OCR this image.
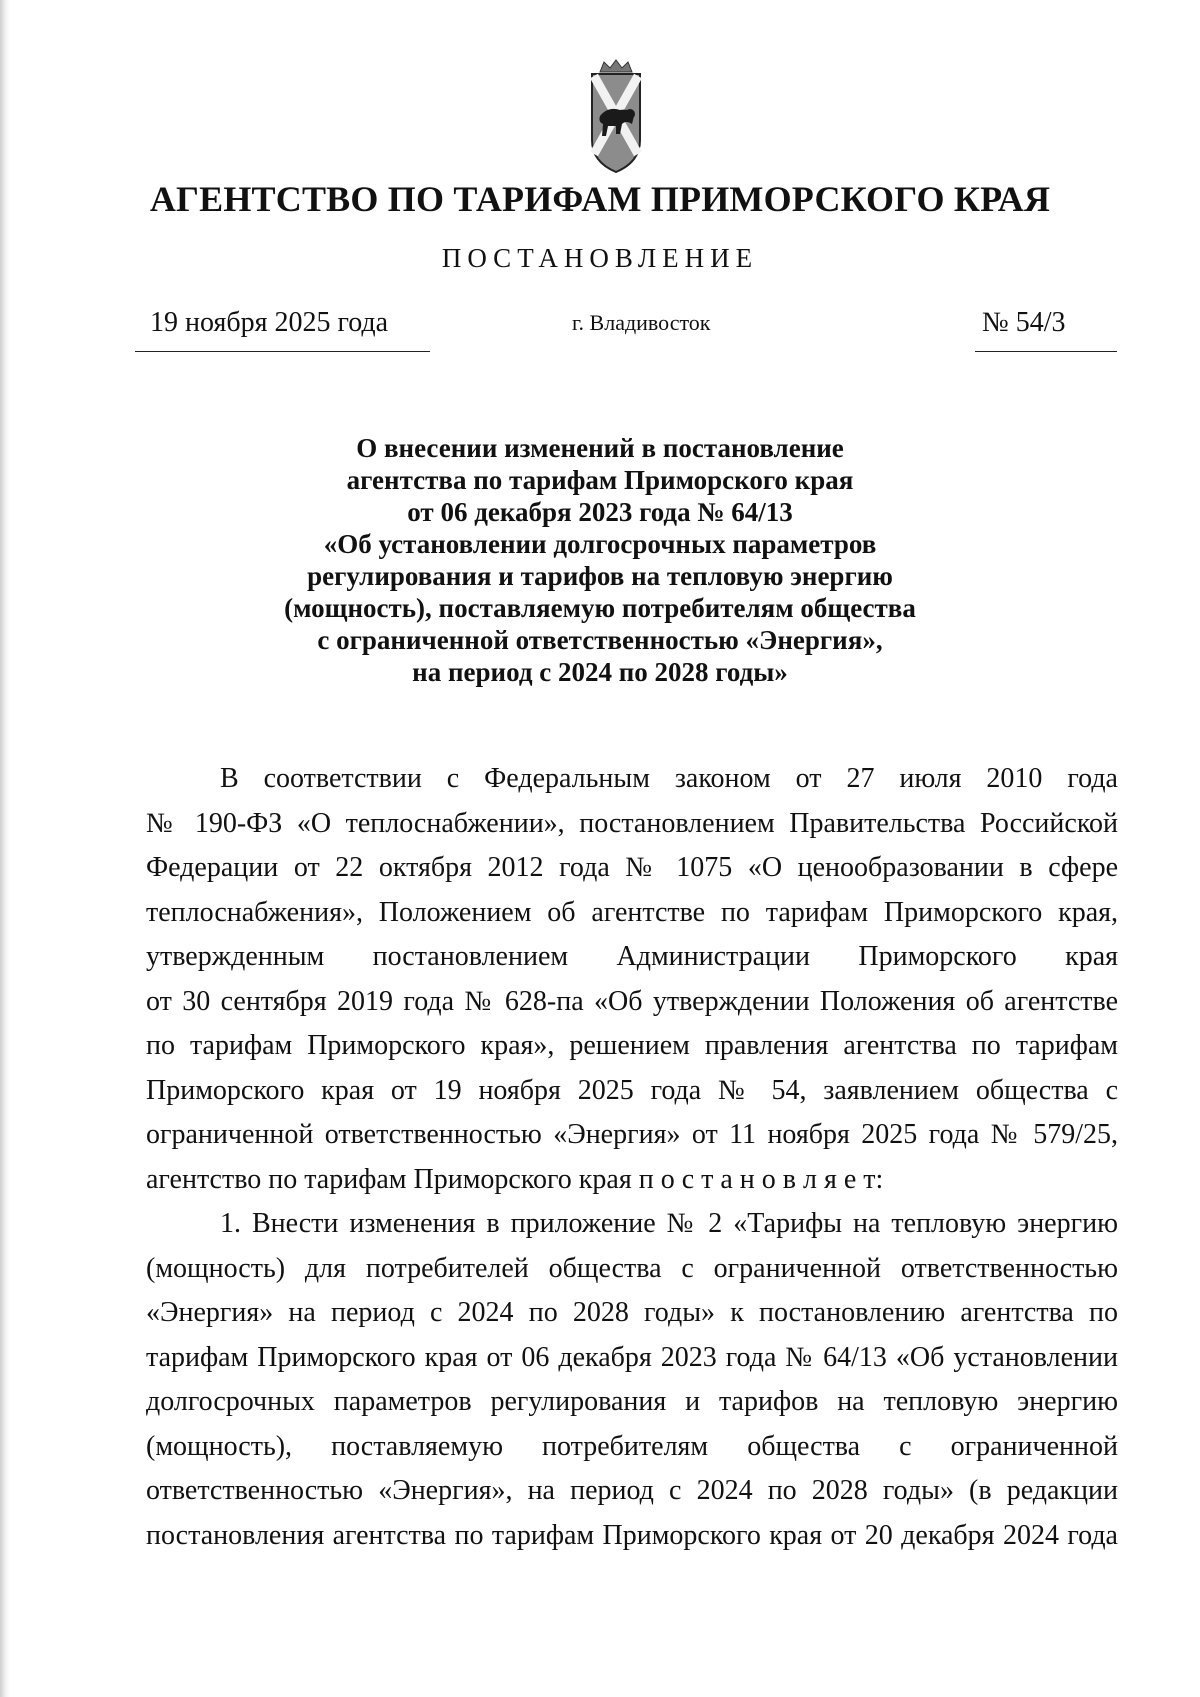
АГЕНТСТВО ПО ТАРИФАМ ПРИМОРСКОГО КРАЯ
ПОСТАНОВЛЕНИЕ
19 ноября 2025 года	г. Владивосток	№ 54/3
О внесении изменений в постановление
агентства по тарифам Приморского края
от 06 декабря 2023 года № 64/13
«Об установлении долгосрочных параметров
регулирования и тарифов на тепловую энергию
(мощность), поставляемую потребителям общества
с ограниченной ответственностью «Энергия»,
на период с 2024 по 2028 годы»
В соответствии с Федеральным законом от 27 июля 2010 года
№ 190-ФЗ «О теплоснабжении», постановлением Правительства Российской
Федерации от 22 октября 2012 года № 1075 «О ценообразовании в сфере
теплоснабжения», Положением об агентстве по тарифам Приморского края,
утвержденным постановлением Администрации Приморского края
от 30 сентября 2019 года № 628-па «Об утверждении Положения об агентстве
по тарифам Приморского края», решением правления агентства по тарифам
Приморского края от 19 ноября 2025 года № 54, заявлением общества с
ограниченной ответственностью «Энергия» от 11 ноября 2025 года № 579/25,
агентство по тарифам Приморского края п о с т а н о в л я е т:
1. Внести изменения в приложение № 2 «Тарифы на тепловую энергию
(мощность) для потребителей общества с ограниченной ответственностью
«Энергия» на период с 2024 по 2028 годы» к постановлению агентства по
тарифам Приморского края от 06 декабря 2023 года № 64/13 «Об установлении
долгосрочных параметров регулирования и тарифов на тепловую энергию
(мощность), поставляемую потребителям общества с ограниченной
ответственностью «Энергия», на период с 2024 по 2028 годы» (в редакции
постановления агентства по тарифам Приморского края от 20 декабря 2024 года
